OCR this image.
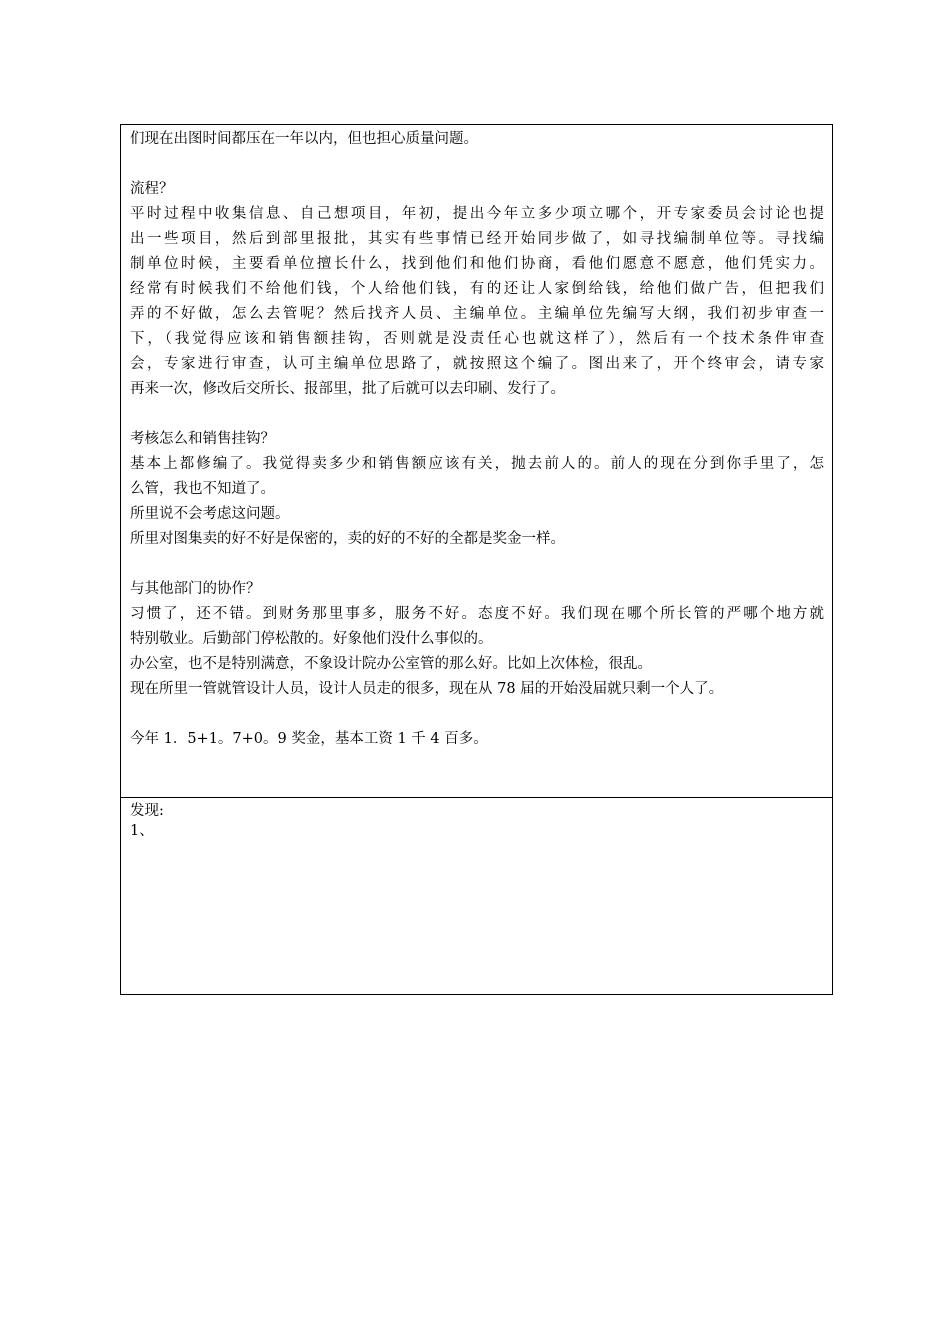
们现在出图时间都压在一年以内，但也担心质量问题。

流程？

平时过程中收集信息、自己想项目，年初，提出今年立多少项立哪个，开专家委员会讨论也提

出一些项目，然后到部里报批，其实有些事情已经开始同步做了，如寻找编制单位等。寻找编

制单位时候，主要看单位擅长什么，找到他们和他们协商，看他们愿意不愿意，他们凭实力。

经常有时候我们不给他们钱，个人给他们钱，有的还让人家倒给钱，给他们做广告，但把我们

弄的不好做，怎么去管呢？然后找齐人员、主编单位。主编单位先编写大纲，我们初步审查一

下，（我觉得应该和销售额挂钩，否则就是没责任心也就这样了），然后有一个技术条件审查

会，专家进行审查，认可主编单位思路了，就按照这个编了。图出来了，开个终审会，请专家

再来一次，修改后交所长、报部里，批了后就可以去印刷、发行了。

考核怎么和销售挂钩？

基本上都修编了。我觉得卖多少和销售额应该有关，抛去前人的。前人的现在分到你手里了，怎

么管，我也不知道了。

所里说不会考虑这问题。

所里对图集卖的好不好是保密的，卖的好的不好的全都是奖金一样。

与其他部门的协作？

习惯了，还不错。到财务那里事多，服务不好。态度不好。我们现在哪个所长管的严哪个地方就

特别敬业。后勤部门停松散的。好象他们没什么事似的。

办公室，也不是特别满意，不象设计院办公室管的那么好。比如上次体检，很乱。

现在所里一管就管设计人员，设计人员走的很多，现在从 78 届的开始没届就只剩一个人了。

今年 1．5+1。7+0。9 奖金，基本工资 1 千 4 百多。

发现:

1、
